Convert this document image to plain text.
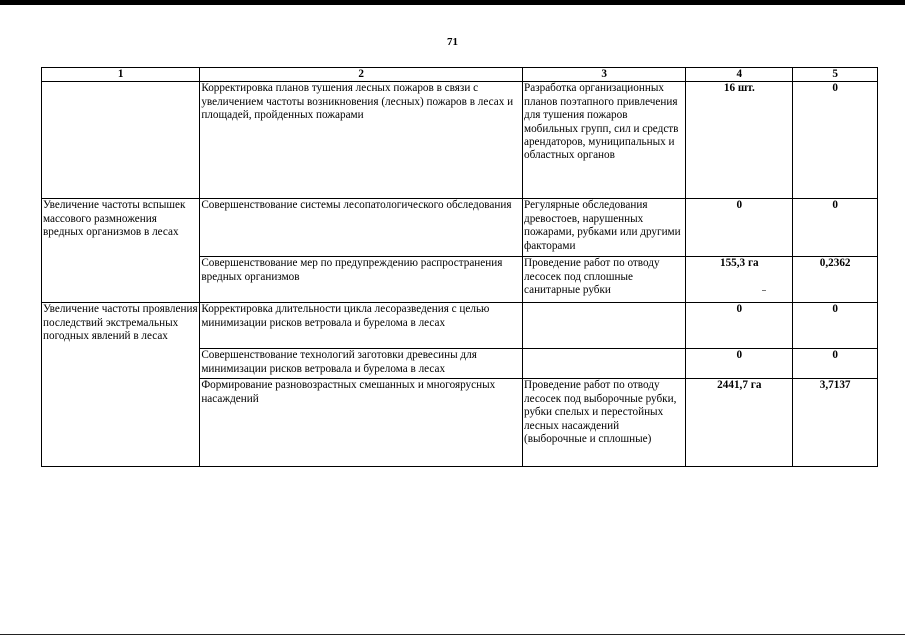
71
1	2	3	4	5
	Корректировка планов тушения лесных пожаров в связи с увеличением частоты возникновения (лесных) пожаров в лесах и площадей, пройденных пожарами	Разработка организационных планов поэтапного привлечения для тушения пожаров мобильных групп, сил и средств арендаторов, муниципальных и областных органов	16 шт.	0
Увеличение частоты вспышек массового размножения вредных организмов в лесах	Совершенствование системы лесопатологического обследования	Регулярные обследования древостоев, нарушенных пожарами, рубками или другими факторами	0	0
	Совершенствование мер по предупреждению распространения вредных организмов	Проведение работ по отводу лесосек под сплошные санитарные рубки	155,3 га	0,2362
Увеличение частоты проявления последствий экстремальных погодных явлений в лесах	Корректировка длительности цикла лесоразведения с целью минимизации рисков ветровала и бурелома в лесах		0	0
	Совершенствование технологий заготовки древесины для минимизации рисков ветровала и бурелома в лесах		0	0
	Формирование разновозрастных смешанных и многоярусных насаждений	Проведение работ по отводу лесосек под выборочные рубки, рубки спелых и перестойных лесных насаждений (выборочные и сплошные)	2441,7 га	3,7137
